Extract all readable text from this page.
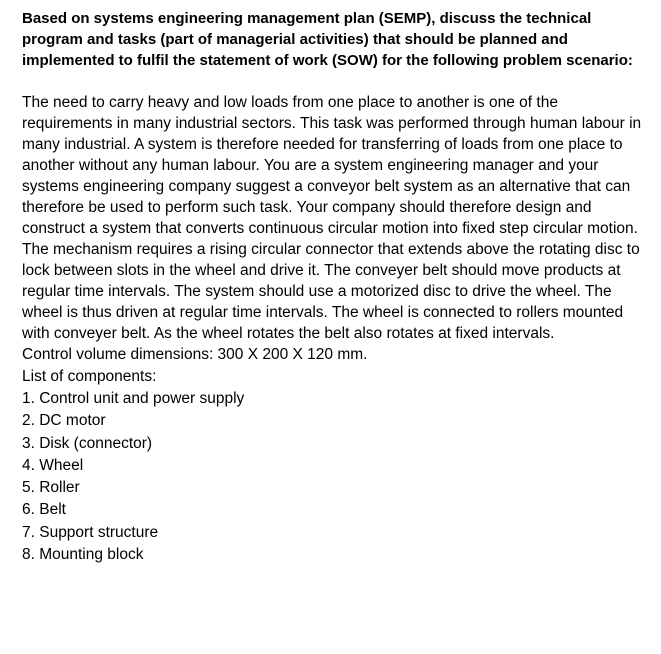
Based on systems engineering management plan (SEMP), discuss the technical program and tasks (part of managerial activities) that should be planned and implemented to fulfil the statement of work (SOW) for the following problem scenario:

The need to carry heavy and low loads from one place to another is one of the requirements in many industrial sectors. This task was performed through human labour in many industrial. A system is therefore needed for transferring of loads from one place to another without any human labour. You are a system engineering manager and your systems engineering company suggest a conveyor belt system as an alternative that can therefore be used to perform such task. Your company should therefore design and construct a system that converts continuous circular motion into fixed step circular motion. The mechanism requires a rising circular connector that extends above the rotating disc to lock between slots in the wheel and drive it. The conveyer belt should move products at regular time intervals. The system should use a motorized disc to drive the wheel. The wheel is thus driven at regular time intervals. The wheel is connected to rollers mounted with conveyer belt. As the wheel rotates the belt also rotates at fixed intervals.

Control volume dimensions: 300 X 200 X 120 mm.

List of components:

1. Control unit and power supply
2. DC motor
3. Disk (connector)
4. Wheel
5. Roller
6. Belt
7. Support structure
8. Mounting block
